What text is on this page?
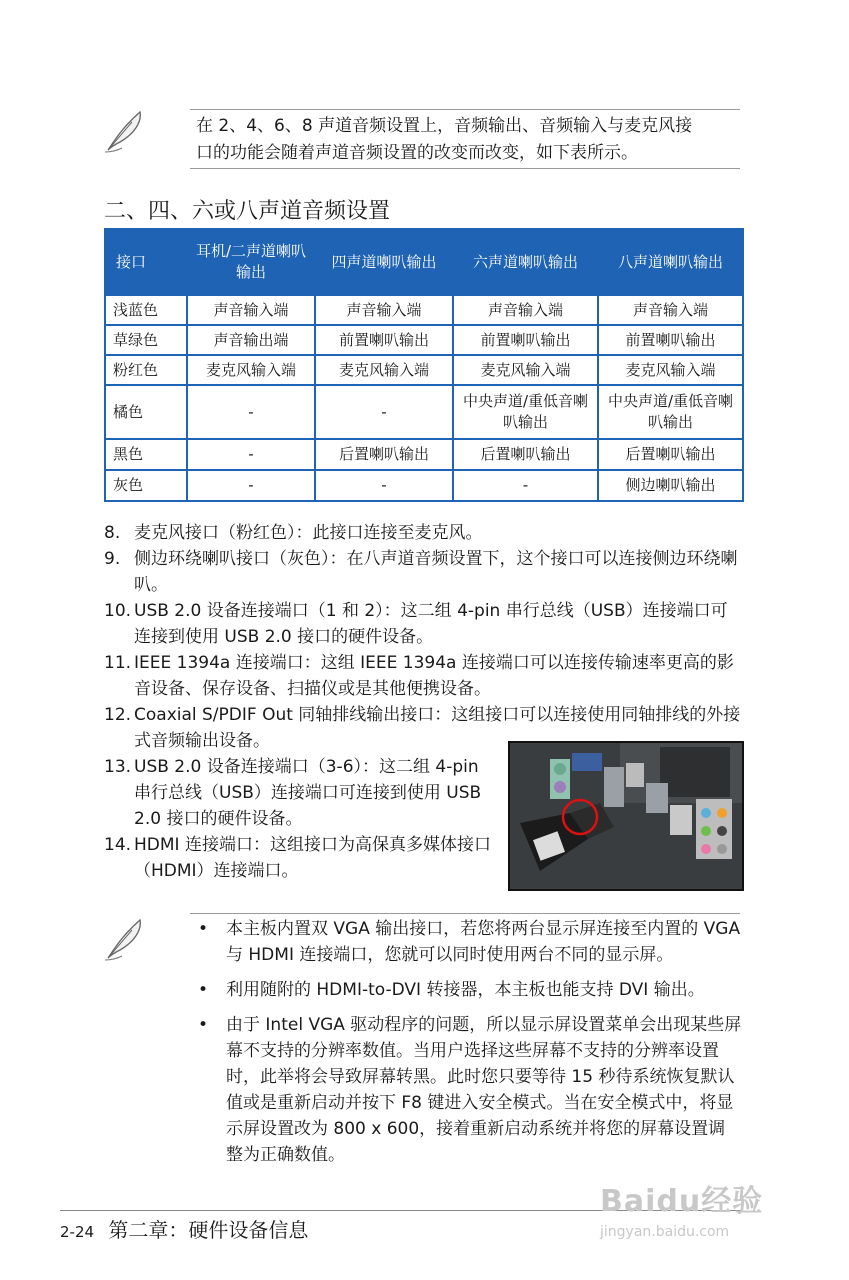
在 2、4、6、8 声道音频设置上，音频输出、音频输入与麦克风接
口的功能会随着声道音频设置的改变而改变，如下表所示。
二、四、六或八声道音频设置
接口	耳机/二声道喇叭输出	四声道喇叭输出	六声道喇叭输出	八声道喇叭输出
浅蓝色	声音输入端	声音输入端	声音输入端	声音输入端
草绿色	声音输出端	前置喇叭输出	前置喇叭输出	前置喇叭输出
粉红色	麦克风输入端	麦克风输入端	麦克风输入端	麦克风输入端
橘色	-	-	中央声道/重低音喇叭输出	中央声道/重低音喇叭输出
黑色	-	后置喇叭输出	后置喇叭输出	后置喇叭输出
灰色	-	-	-	侧边喇叭输出
8. 麦克风接口（粉红色）：此接口连接至麦克风。
9. 侧边环绕喇叭接口（灰色）：在八声道音频设置下，这个接口可以连接侧边环绕喇叭。
10. USB 2.0 设备连接端口（1 和 2）：这二组 4-pin 串行总线（USB）连接端口可连接到使用 USB 2.0 接口的硬件设备。
11. IEEE 1394a 连接端口：这组 IEEE 1394a 连接端口可以连接传输速率更高的影音设备、保存设备、扫描仪或是其他便携设备。
12. Coaxial S/PDIF Out 同轴排线输出接口：这组接口可以连接使用同轴排线的外接式音频输出设备。
13. USB 2.0 设备连接端口（3-6）：这二组 4-pin 串行总线（USB）连接端口可连接到使用 USB 2.0 接口的硬件设备。
14. HDMI 连接端口：这组接口为高保真多媒体接口（HDMI）连接端口。
• 本主板内置双 VGA 输出接口，若您将两台显示屏连接至内置的 VGA 与 HDMI 连接端口，您就可以同时使用两台不同的显示屏。
• 利用随附的 HDMI-to-DVI 转接器，本主板也能支持 DVI 输出。
• 由于 Intel VGA 驱动程序的问题，所以显示屏设置菜单会出现某些屏幕不支持的分辨率数值。当用户选择这些屏幕不支持的分辨率设置时，此举将会导致屏幕转黑。此时您只要等待 15 秒待系统恢复默认值或是重新启动并按下 F8 键进入安全模式。当在安全模式中，将显示屏设置改为 800 x 600，接着重新启动系统并将您的屏幕设置调整为正确数值。
2-24 第二章：硬件设备信息
Baidu经验
jingyan.baidu.com
